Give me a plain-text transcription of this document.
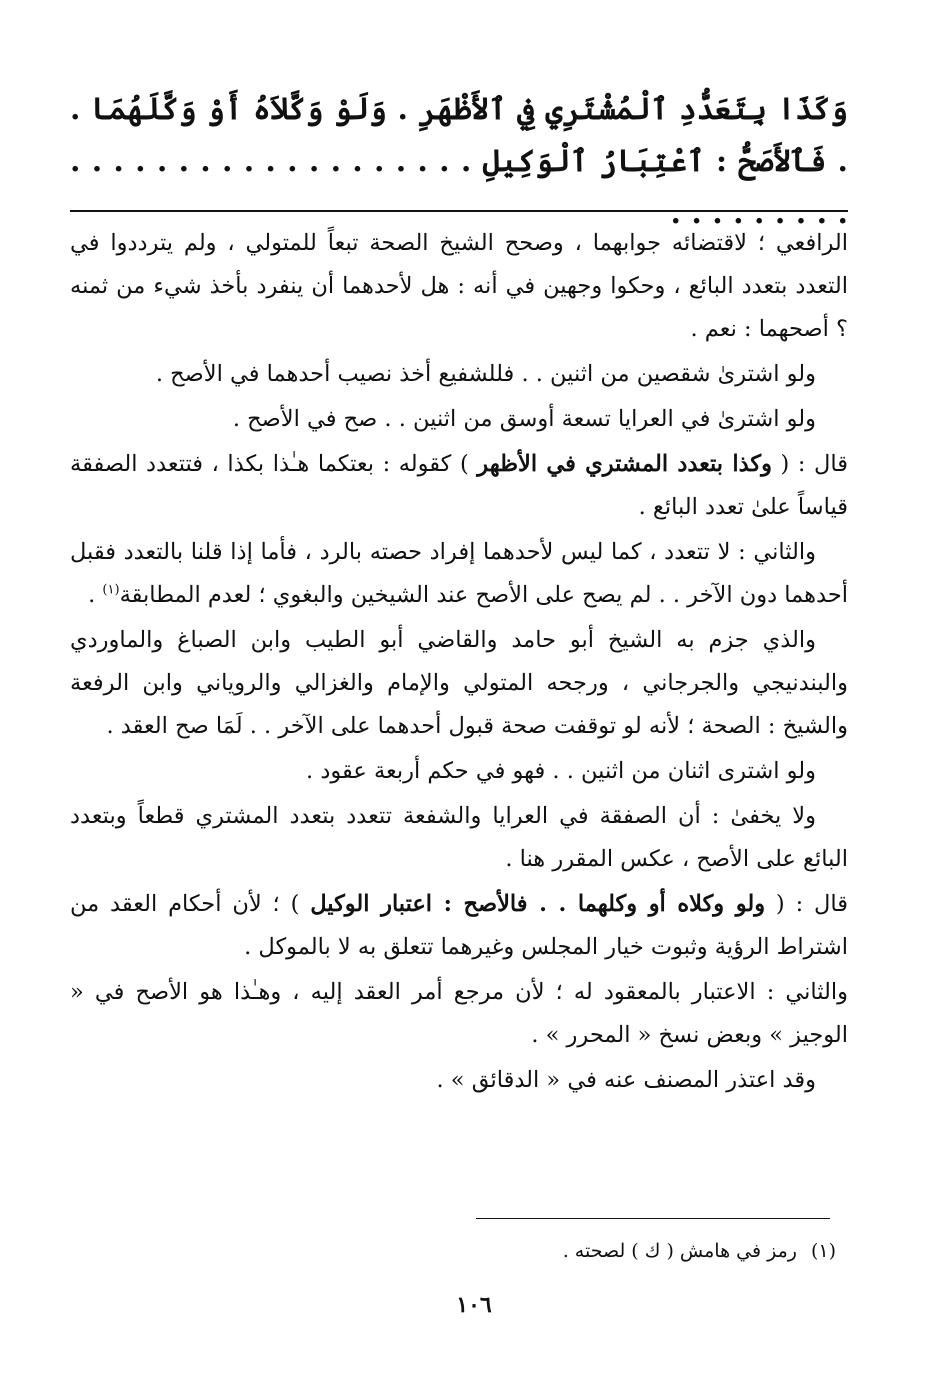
وَكَذَا بِتَعَدُّدِ ٱلْمُشْتَرِي فِي ٱلأَظْهَرِ . وَلَوْ وَكَّلاَهُ أَوْ وَكَّلَهُمَا . . فَٱلأَصَحُّ : ٱعْتِبَارُ ٱلْوَكِيلِ . . . . . . . . . . . . . . . . . . . . . . . . . . . .

الرافعي ؛ لاقتضائه جوابهما ، وصحح الشيخ الصحة تبعاً للمتولي ، ولم يترددوا في التعدد بتعدد البائع ، وحكوا وجهين في أنه : هل لأحدهما أن ينفرد بأخذ شيء من ثمنه ؟ أصحهما : نعم .

ولو اشترىٰ شقصين من اثنين . . فللشفيع أخذ نصيب أحدهما في الأصح .

ولو اشترىٰ في العرايا تسعة أوسق من اثنين . . صح في الأصح .

قال : ( وكذا بتعدد المشتري في الأظهر ) كقوله : بعتكما هـٰذا بكذا ، فتتعدد الصفقة قياساً علىٰ تعدد البائع .

والثاني : لا تتعدد ، كما ليس لأحدهما إفراد حصته بالرد ، فأما إذا قلنا بالتعدد فقبل أحدهما دون الآخر . . لم يصح على الأصح عند الشيخين والبغوي ؛ لعدم المطابقة$^{(١)}$ .

والذي جزم به الشيخ أبو حامد والقاضي أبو الطيب وابن الصباغ والماوردي والبندنيجي والجرجاني ، ورجحه المتولي والإمام والغزالي والروياني وابن الرفعة والشيخ : الصحة ؛ لأنه لو توقفت صحة قبول أحدهما على الآخر . . لَمَا صح العقد .

ولو اشترى اثنان من اثنين . . فهو في حكم أربعة عقود .

ولا يخفىٰ : أن الصفقة في العرايا والشفعة تتعدد بتعدد المشتري قطعاً وبتعدد البائع على الأصح ، عكس المقرر هنا .

قال : ( ولو وكلاه أو وكلهما . . فالأصح : اعتبار الوكيل ) ؛ لأن أحكام العقد من اشتراط الرؤية وثبوت خيار المجلس وغيرهما تتعلق به لا بالموكل .

والثاني : الاعتبار بالمعقود له ؛ لأن مرجع أمر العقد إليه ، وهـٰذا هو الأصح في « الوجيز » وبعض نسخ « المحرر » .

وقد اعتذر المصنف عنه في « الدقائق » .

(١)رمز في هامش ( ك ) لصحته .
١٠٦
